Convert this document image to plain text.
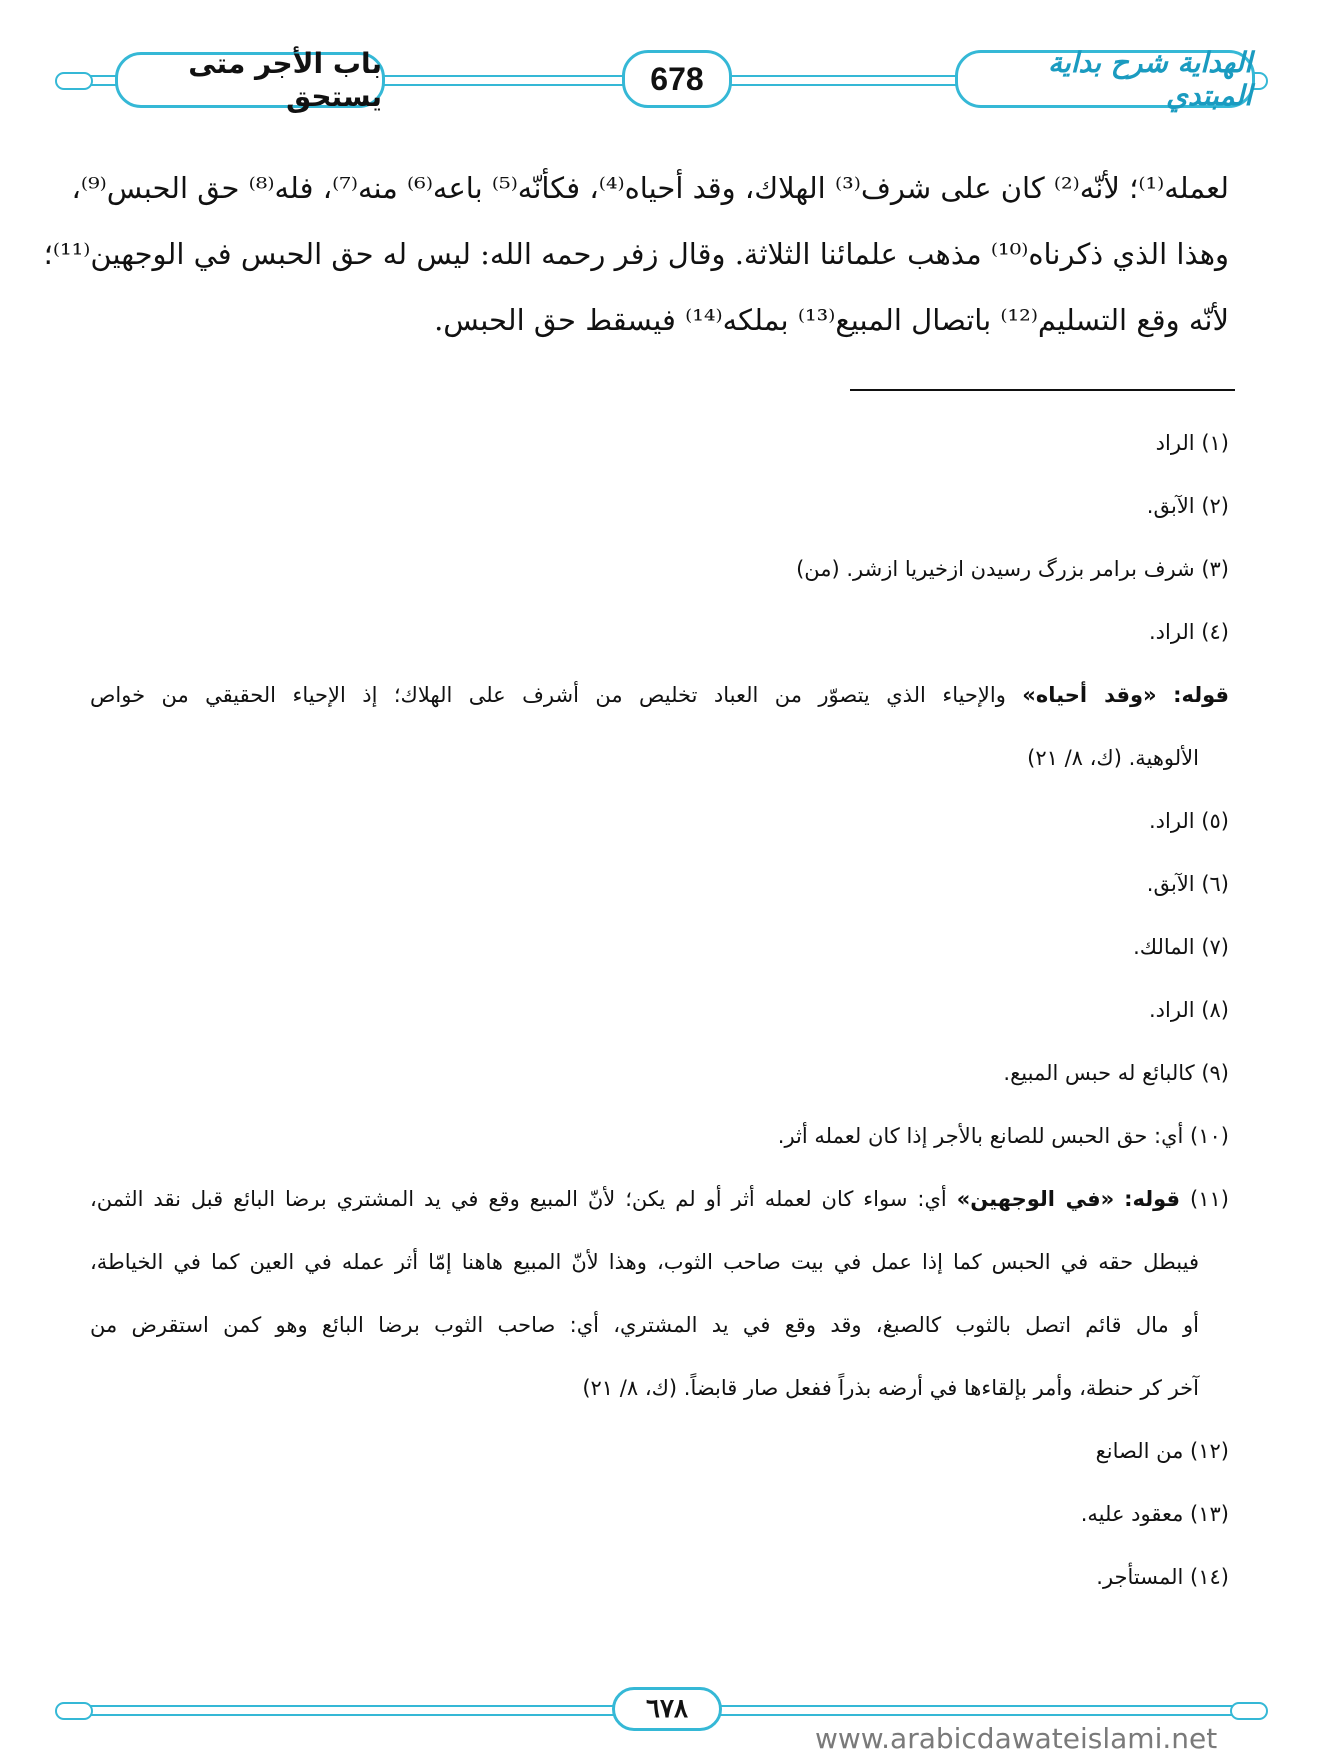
باب الأجر متى يستحق	678	الهداية شرح بداية المبتدي
لعمله⁽¹⁾؛ لأنّه⁽²⁾ كان على شرف⁽³⁾ الهلاك، وقد أحياه⁽⁴⁾، فكأنّه⁽⁵⁾ باعه⁽⁶⁾ منه⁽⁷⁾، فله⁽⁸⁾ حق الحبس⁽⁹⁾،
وهذا الذي ذكرناه⁽¹⁰⁾ مذهب علمائنا الثلاثة. وقال زفر رحمه الله: ليس له حق الحبس في الوجهين⁽¹¹⁾؛
لأنّه وقع التسليم⁽¹²⁾ باتصال المبيع⁽¹³⁾ بملكه⁽¹⁴⁾ فيسقط حق الحبس.
(١) الراد
(٢) الآبق.
(٣) شرف برامر بزرگ رسيدن ازخيريا ازشر. (من)
(٤) الراد.
قوله: «وقد أحياه» والإحياء الذي يتصوّر من العباد تخليص من أشرف على الهلاك؛ إذ الإحياء الحقيقي من خواص
الألوهية. (ك، ٨/ ٢١)
(٥) الراد.
(٦) الآبق.
(٧) المالك.
(٨) الراد.
(٩) كالبائع له حبس المبيع.
(١٠) أي: حق الحبس للصانع بالأجر إذا كان لعمله أثر.
(١١) قوله: «في الوجهين» أي: سواء كان لعمله أثر أو لم يكن؛ لأنّ المبيع وقع في يد المشتري برضا البائع قبل نقد الثمن،
فيبطل حقه في الحبس كما إذا عمل في بيت صاحب الثوب، وهذا لأنّ المبيع هاهنا إمّا أثر عمله في العين كما في الخياطة،
أو مال قائم اتصل بالثوب كالصبغ، وقد وقع في يد المشتري، أي: صاحب الثوب برضا البائع وهو كمن استقرض من
آخر كر حنطة، وأمر بإلقاءها في أرضه بذراً ففعل صار قابضاً. (ك، ٨/ ٢١)
(١٢) من الصانع
(١٣) معقود عليه.
(١٤) المستأجر.
٦٧٨
www.arabicdawateislami.net
